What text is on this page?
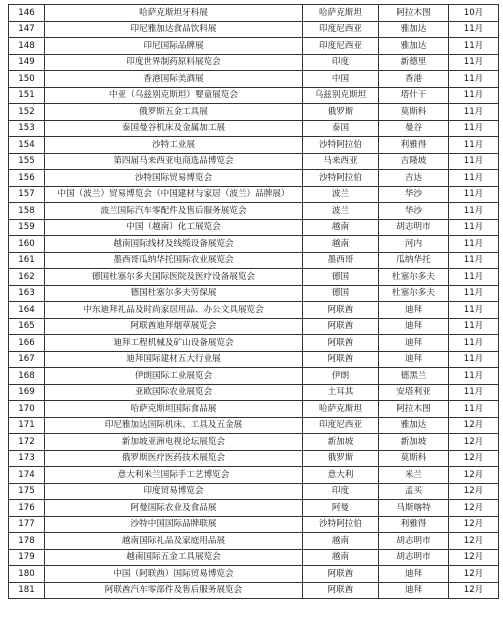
146	哈萨克斯坦牙科展	哈萨克斯坦	阿拉木图	10月
147	印尼雅加达食品饮料展	印度尼西亚	雅加达	11月
148	印尼国际品牌展	印度尼西亚	雅加达	11月
149	印度世界制药原料展览会	印度	新德里	11月
150	香港国际美酒展	中国	香港	11月
151	中亚（乌兹别克斯坦）婴童展览会	乌兹别克斯坦	塔什干	11月
152	俄罗斯五金工具展	俄罗斯	莫斯科	11月
153	泰国曼谷机床及金属加工展	泰国	曼谷	11月
154	沙特工业展	沙特阿拉伯	利雅得	11月
155	第四届马来西亚电商选品博览会	马来西亚	吉隆坡	11月
156	沙特国际贸易博览会	沙特阿拉伯	吉达	11月
157	中国（波兰）贸易博览会（中国建材与家居（波兰）品牌展）	波兰	华沙	11月
158	波兰国际汽车零配件及售后服务展览会	波兰	华沙	11月
159	中国（越南）化工展览会	越南	胡志明市	11月
160	越南国际线材及线缆设备展览会	越南	河内	11月
161	墨西哥瓜纳华托国际农业展览会	墨西哥	瓜纳华托	11月
162	德国杜塞尔多夫国际医院及医疗设备展览会	德国	杜塞尔多夫	11月
163	德国杜塞尔多夫劳保展	德国	杜塞尔多夫	11月
164	中东迪拜礼品及时尚家居用品、办公文具展览会	阿联酋	迪拜	11月
165	阿联酋迪拜烟草展览会	阿联酋	迪拜	11月
166	迪拜工程机械及矿山设备展览会	阿联酋	迪拜	11月
167	迪拜国际建材五大行业展	阿联酋	迪拜	11月
168	伊朗国际工业展览会	伊朗	德黑兰	11月
169	亚欧国际农业展览会	土耳其	安塔利亚	11月
170	哈萨克斯坦国际食品展	哈萨克斯坦	阿拉木图	11月
171	印尼雅加达国际机床、工具及五金展	印度尼西亚	雅加达	12月
172	新加坡亚洲电视论坛展览会	新加坡	新加坡	12月
173	俄罗斯医疗医药技术展览会	俄罗斯	莫斯科	12月
174	意大利米兰国际手工艺博览会	意大利	米兰	12月
175	印度贸易博览会	印度	孟买	12月
176	阿曼国际农业及食品展	阿曼	马斯喀特	12月
177	沙特中国国际品牌联展	沙特阿拉伯	利雅得	12月
178	越南国际礼品及家庭用品展	越南	胡志明市	12月
179	越南国际五金工具展览会	越南	胡志明市	12月
180	中国（阿联酋）国际贸易博览会	阿联酋	迪拜	12月
181	阿联酋汽车零部件及售后服务展览会	阿联酋	迪拜	12月
